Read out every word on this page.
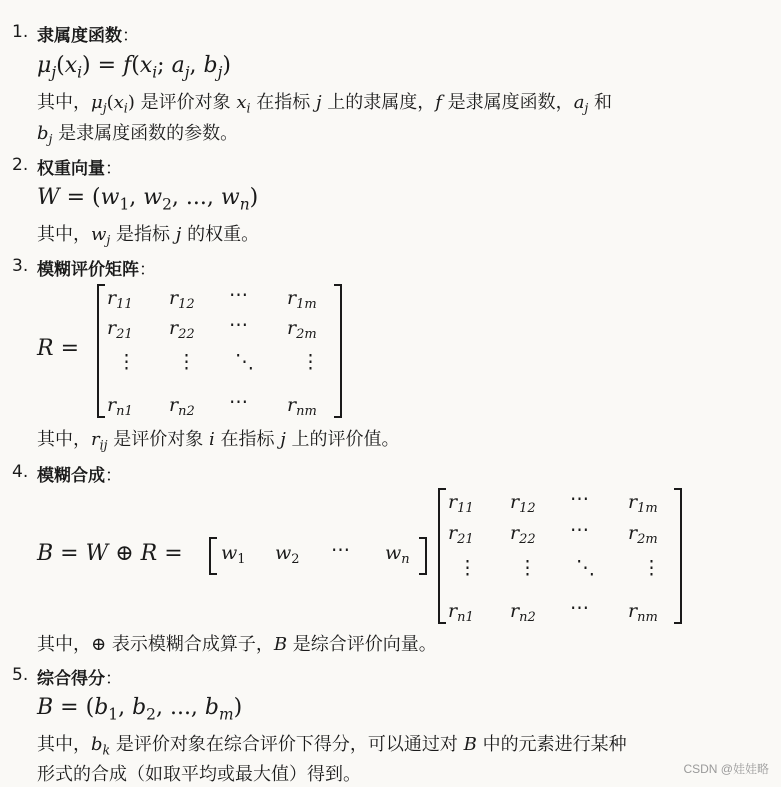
1. 隶属度函数：
$\mu_j(x_i) = f(x_i$; $a_j$, $b_j$)
其中，$\mu_j(x_i)$ 是评价对象 $x_i$ 在指标 j 上的隶属度，f 是隶属度函数，$a_j$ 和
$b_j$ 是隶属度函数的参数。
2. 权重向量：
$W = (w_1$, $w_2$, ..., $w_n$)
其中，$w_j$ 是指标 j 的权重。
3. 模糊评价矩阵：
R =
$r_{11}$ $r_{12}$ ⋯ $r_{1m}$
$r_{21}$ $r_{22}$ ⋯ $r_{2m}$
⋮ ⋮ ⋱ ⋮
$r_{n1}$ $r_{n2}$ ⋯ $r_{nm}$
其中，$r_{ij}$ 是评价对象 i 在指标 j 上的评价值。
4. 模糊合成：
B = W ⊕ $R = w_1$ $w_2$ ⋯ $w_n$
$r_{11}$ $r_{12}$ ⋯ $r_{1m}$
$r_{21}$ $r_{22}$ ⋯ $r_{2m}$
⋮ ⋮ ⋱ ⋮
$r_{n1}$ $r_{n2}$ ⋯ $r_{nm}$
其中，⊕ 表示模糊合成算子，B 是综合评价向量。
5. 综合得分：
$B = (b_1$, $b_2$, ..., $b_m$)
其中，$b_k$ 是评价对象在综合评价下得分，可以通过对 B 中的元素进行某种
形式的合成（如取平均或最大值）得到。	CSDN @娃娃略
